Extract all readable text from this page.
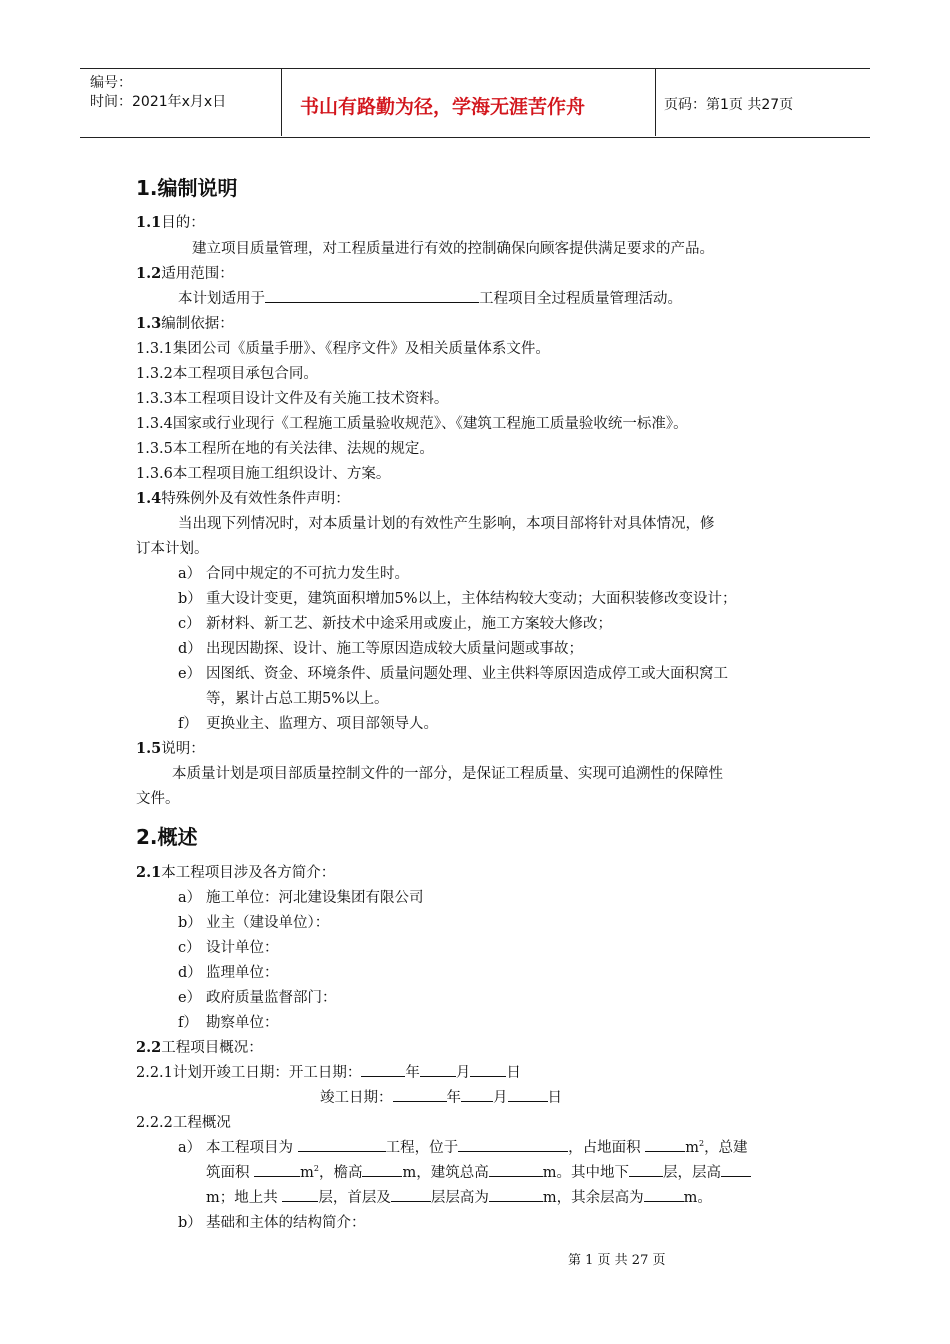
编号：
时间：2021年x月x日	书山有路勤为径，学海无涯苦作舟	页码：第1页 共27页
1.编制说明
1.1目的：
建立项目质量管理，对工程质量进行有效的控制确保向顾客提供满足要求的产品。
1.2适用范围：
本计划适用于	工程项目全过程质量管理活动。
1.3编制依据：
1.3.1集团公司《质量手册》、《程序文件》及相关质量体系文件。
1.3.2本工程项目承包合同。
1.3.3本工程项目设计文件及有关施工技术资料。
1.3.4国家或行业现行《工程施工质量验收规范》、《建筑工程施工质量验收统一标准》。
1.3.5本工程所在地的有关法律、法规的规定。
1.3.6本工程项目施工组织设计、方案。
1.4特殊例外及有效性条件声明：
当出现下列情况时，对本质量计划的有效性产生影响，本项目部将针对具体情况，修
订本计划。
a） 合同中规定的不可抗力发生时。
b） 重大设计变更，建筑面积增加5%以上，主体结构较大变动；大面积装修改变设计；
c） 新材料、新工艺、新技术中途采用或废止，施工方案较大修改；
d） 出现因勘探、设计、施工等原因造成较大质量问题或事故；
e） 因图纸、资金、环境条件、质量问题处理、业主供料等原因造成停工或大面积窝工
等，累计占总工期5%以上。
f） 更换业主、监理方、项目部领导人。
1.5说明：
本质量计划是项目部质量控制文件的一部分，是保证工程质量、实现可追溯性的保障性
文件。
2.概述
2.1本工程项目涉及各方简介：
a） 施工单位：河北建设集团有限公司
b） 业主（建设单位）：
c） 设计单位：
d） 监理单位：
e） 政府质量监督部门：
f） 勘察单位：
2.2工程项目概况：
2.2.1计划开竣工日期：开工日期：	年 月 日
竣工日期：	年 月	日
2.2.2工程概况
a） 本工程项目为	工程，位于	，占地面积	$m^2$，总建
筑面积	$m^2$，檐高	m，建筑总高	m。其中地下 层，层高
m；地上共	层，首层及	层层高为	m，其余层高为	m。
b） 基础和主体的结构简介：
第 1 页 共 27 页
